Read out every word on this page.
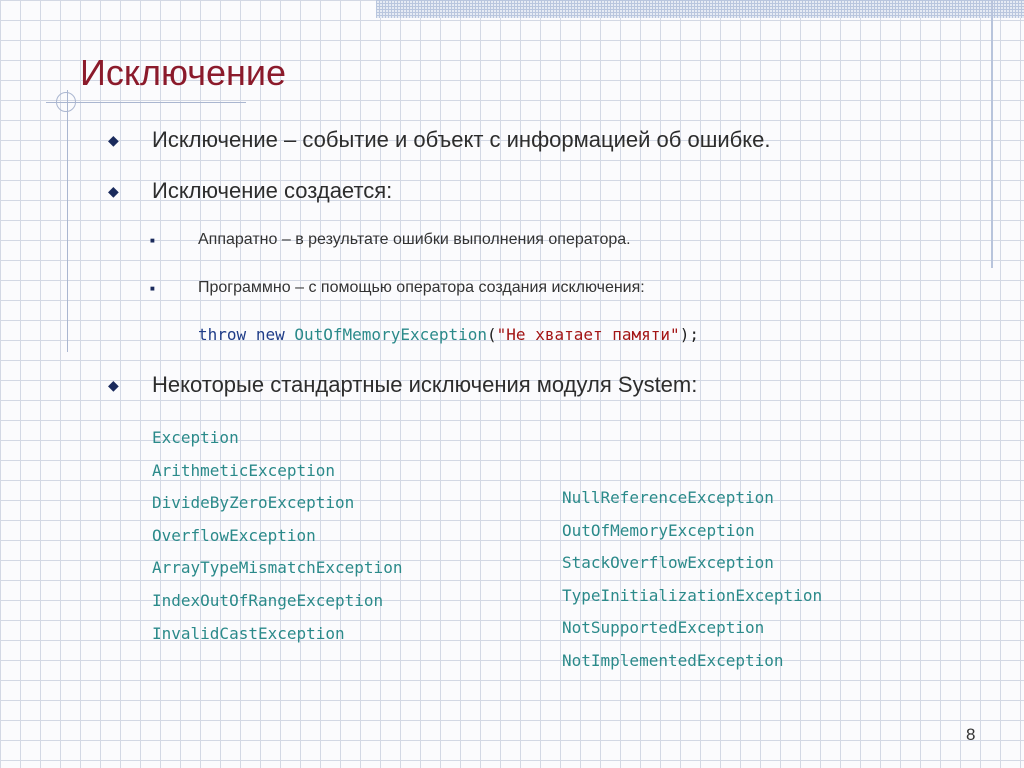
Исключение
◆	Исключение – событие и объект с информацией об ошибке.
◆	Исключение создается:
■	Аппаратно – в результате ошибки выполнения оператора.
■	Программно – с помощью оператора создания исключения:
throw new OutOfMemoryException("Не хватает памяти");
◆	Некоторые стандартные исключения модуля System:
Exception
ArithmeticException
DivideByZeroException
OverflowException
ArrayTypeMismatchException
IndexOutOfRangeException
InvalidCastException
NullReferenceException
OutOfMemoryException
StackOverflowException
TypeInitializationException
NotSupportedException
NotImplementedException
8
